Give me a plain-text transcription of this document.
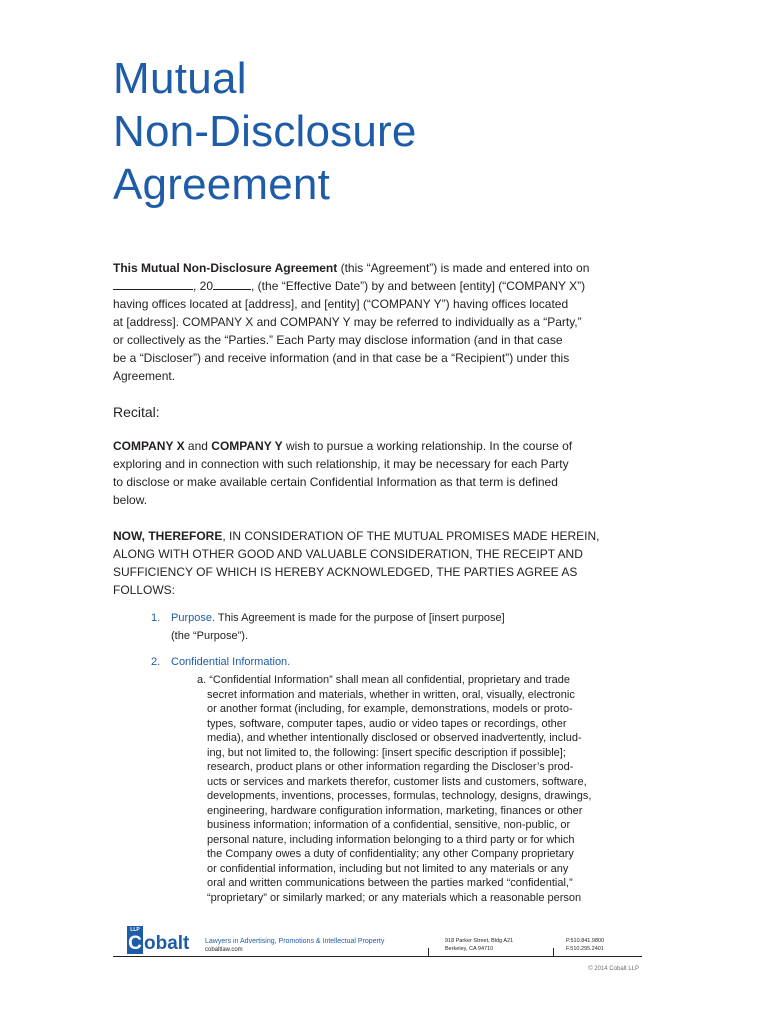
Mutual
Non-Disclosure
Agreement
This Mutual Non-Disclosure Agreement (this “Agreement”) is made and entered into on
, 20	, (the “Effective Date”) by and between [entity] (“COMPANY X”)
having offices located at [address], and [entity] (“COMPANY Y”) having offices located
at [address]. COMPANY X and COMPANY Y may be referred to individually as a “Party,”
or collectively as the “Parties.” Each Party may disclose information (and in that case
be a “Discloser”) and receive information (and in that case be a “Recipient”) under this
Agreement.
Recital:
COMPANY X and COMPANY Y wish to pursue a working relationship. In the course of
exploring and in connection with such relationship, it may be necessary for each Party
to disclose or make available certain Confidential Information as that term is defined
below.
NOW, THEREFORE, IN CONSIDERATION OF THE MUTUAL PROMISES MADE HEREIN,
ALONG WITH OTHER GOOD AND VALUABLE CONSIDERATION, THE RECEIPT AND
SUFFICIENCY OF WHICH IS HEREBY ACKNOWLEDGED, THE PARTIES AGREE AS
FOLLOWS:
1. Purpose. This Agreement is made for the purpose of [insert purpose]
(the “Purpose”).
2. Confidential Information.
a. “Confidential Information” shall mean all confidential, proprietary and trade
secret information and materials, whether in written, oral, visually, electronic
or another format (including, for example, demonstrations, models or proto-
types, software, computer tapes, audio or video tapes or recordings, other
media), and whether intentionally disclosed or observed inadvertently, includ-
ing, but not limited to, the following: [insert specific description if possible];
research, product plans or other information regarding the Discloser’s prod-
ucts or services and markets therefor, customer lists and customers, software,
developments, inventions, processes, formulas, technology, designs, drawings,
engineering, hardware configuration information, marketing, finances or other
business information; information of a confidential, sensitive, non-public, or
personal nature, including information belonging to a third party or for which
the Company owes a duty of confidentiality; any other Company proprietary
or confidential information, including but not limited to any materials or any
oral and written communications between the parties marked “confidential,”
“proprietary” or similarly marked; or any materials which a reasonable person
LLP
C obalt Lawyers in Advertising, Promotions & Intellectual Property
cobaltlaw.com
918 Parker Street, Bldg A21
Berkeley, CA 94710
P.510.841.9800
F.510.295.2401
© 2014 Cobalt LLP
